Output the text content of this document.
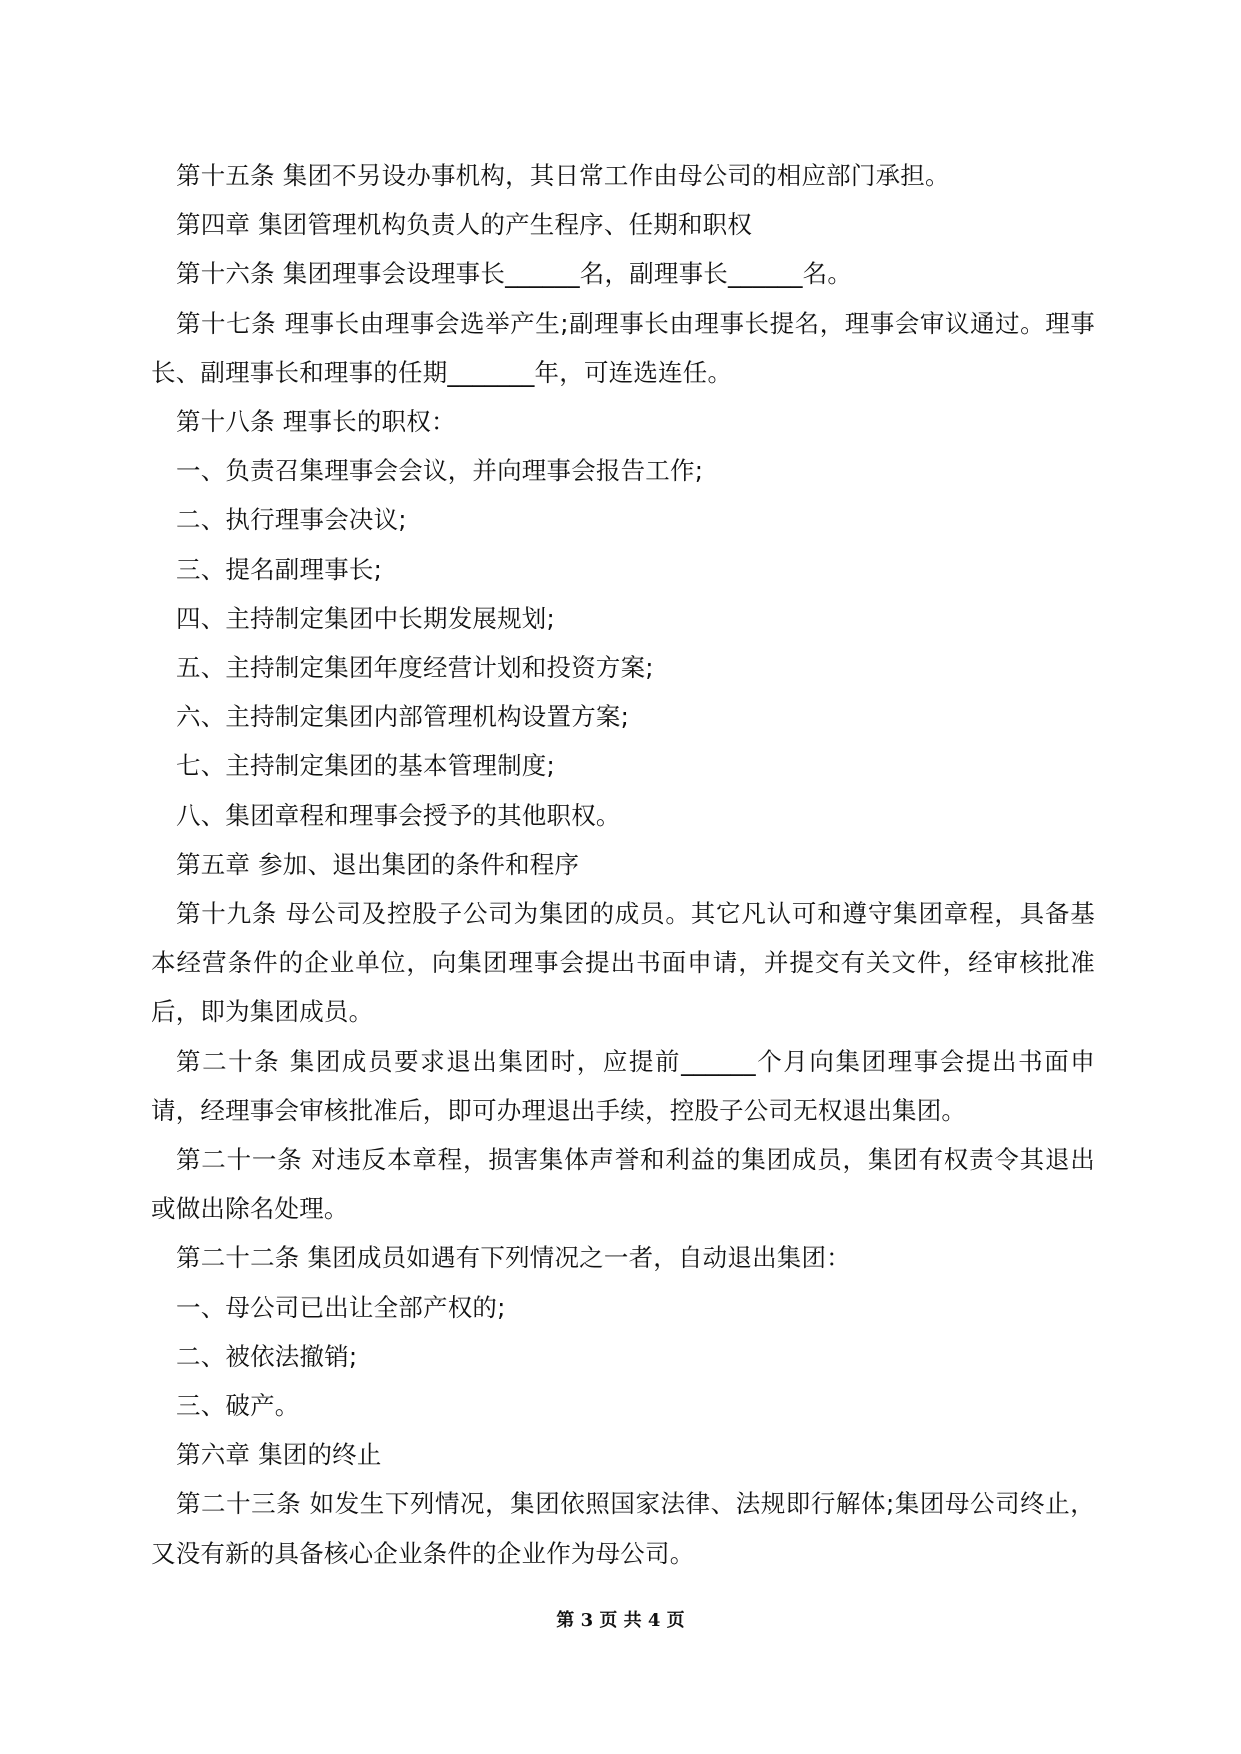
第十五条 集团不另设办事机构，其日常工作由母公司的相应部门承担。

第四章 集团管理机构负责人的产生程序、任期和职权

第十六条 集团理事会设理事长______名，副理事长______名。

第十七条 理事长由理事会选举产生;副理事长由理事长提名，理事会审议通过。理事长、副理事长和理事的任期_______年，可连选连任。

第十八条 理事长的职权：

一、负责召集理事会会议，并向理事会报告工作;

二、执行理事会决议;

三、提名副理事长;

四、主持制定集团中长期发展规划;

五、主持制定集团年度经营计划和投资方案;

六、主持制定集团内部管理机构设置方案;

七、主持制定集团的基本管理制度;

八、集团章程和理事会授予的其他职权。

第五章 参加、退出集团的条件和程序

第十九条 母公司及控股子公司为集团的成员。其它凡认可和遵守集团章程，具备基本经营条件的企业单位，向集团理事会提出书面申请，并提交有关文件，经审核批准后，即为集团成员。

第二十条 集团成员要求退出集团时，应提前______个月向集团理事会提出书面申请，经理事会审核批准后，即可办理退出手续，控股子公司无权退出集团。

第二十一条 对违反本章程，损害集体声誉和利益的集团成员，集团有权责令其退出或做出除名处理。

第二十二条 集团成员如遇有下列情况之一者，自动退出集团：

一、母公司已出让全部产权的;

二、被依法撤销;

三、破产。

第六章 集团的终止

第二十三条 如发生下列情况，集团依照国家法律、法规即行解体;集团母公司终止，又没有新的具备核心企业条件的企业作为母公司。

第 3 页 共 4 页
